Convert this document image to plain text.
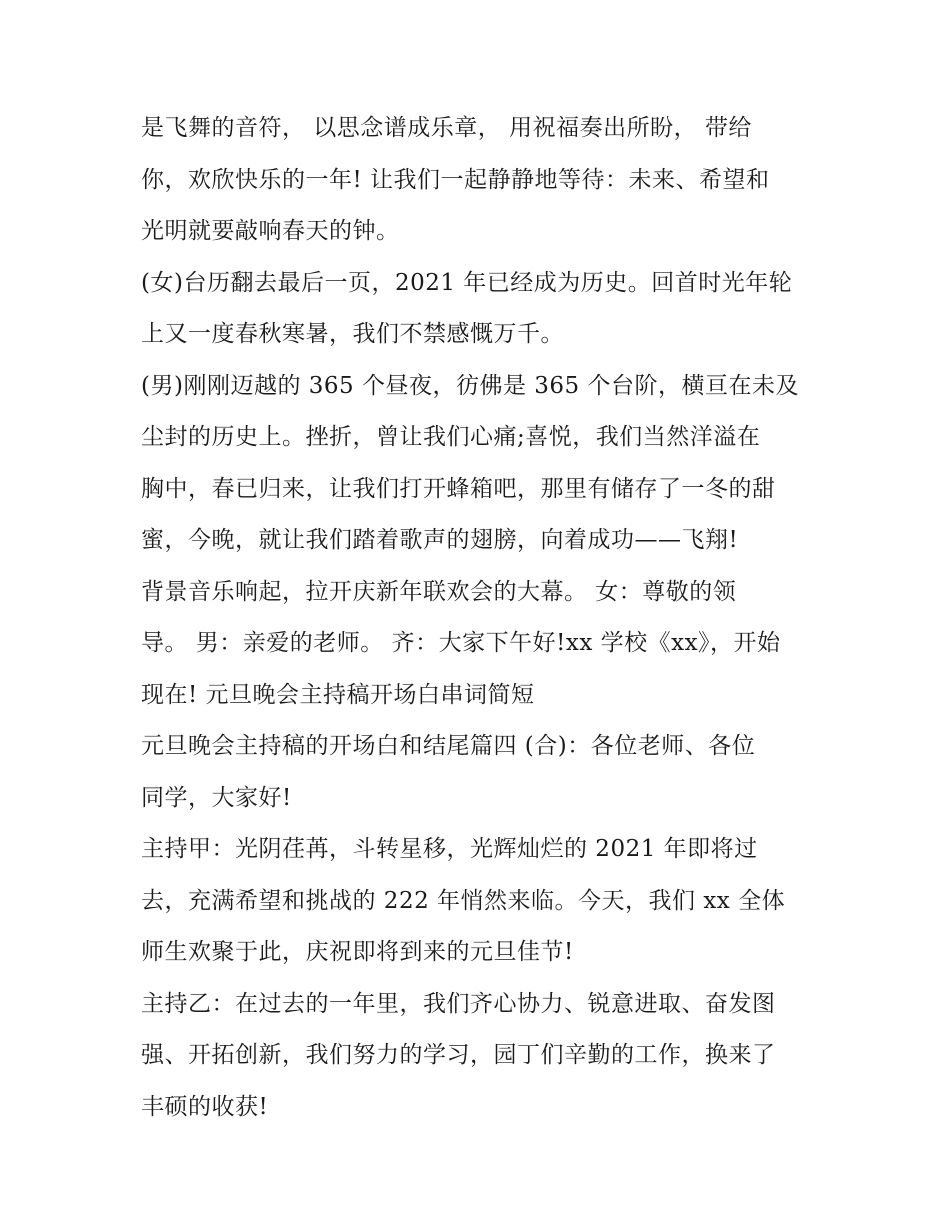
是飞舞的音符， 以思念谱成乐章， 用祝福奏出所盼， 带给
你，欢欣快乐的一年! 让我们一起静静地等待：未来、希望和
光明就要敲响春天的钟。
(女)台历翻去最后一页，2021 年已经成为历史。回首时光年轮
上又一度春秋寒暑，我们不禁感慨万千。
(男)刚刚迈越的 365 个昼夜，彷佛是 365 个台阶，横亘在未及
尘封的历史上。挫折，曾让我们心痛;喜悦，我们当然洋溢在
胸中，春已归来，让我们打开蜂箱吧，那里有储存了一冬的甜
蜜，今晚，就让我们踏着歌声的翅膀，向着成功——飞翔!
背景音乐响起，拉开庆新年联欢会的大幕。 女：尊敬的领
导。 男：亲爱的老师。 齐：大家下午好!xx 学校《xx》，开始
现在! 元旦晚会主持稿开场白串词简短
元旦晚会主持稿的开场白和结尾篇四 (合)：各位老师、各位
同学，大家好!
主持甲：光阴荏苒，斗转星移，光辉灿烂的 2021 年即将过
去，充满希望和挑战的 222 年悄然来临。今天，我们 xx 全体
师生欢聚于此，庆祝即将到来的元旦佳节!
主持乙：在过去的一年里，我们齐心协力、锐意进取、奋发图
强、开拓创新，我们努力的学习，园丁们辛勤的工作，换来了
丰硕的收获!
